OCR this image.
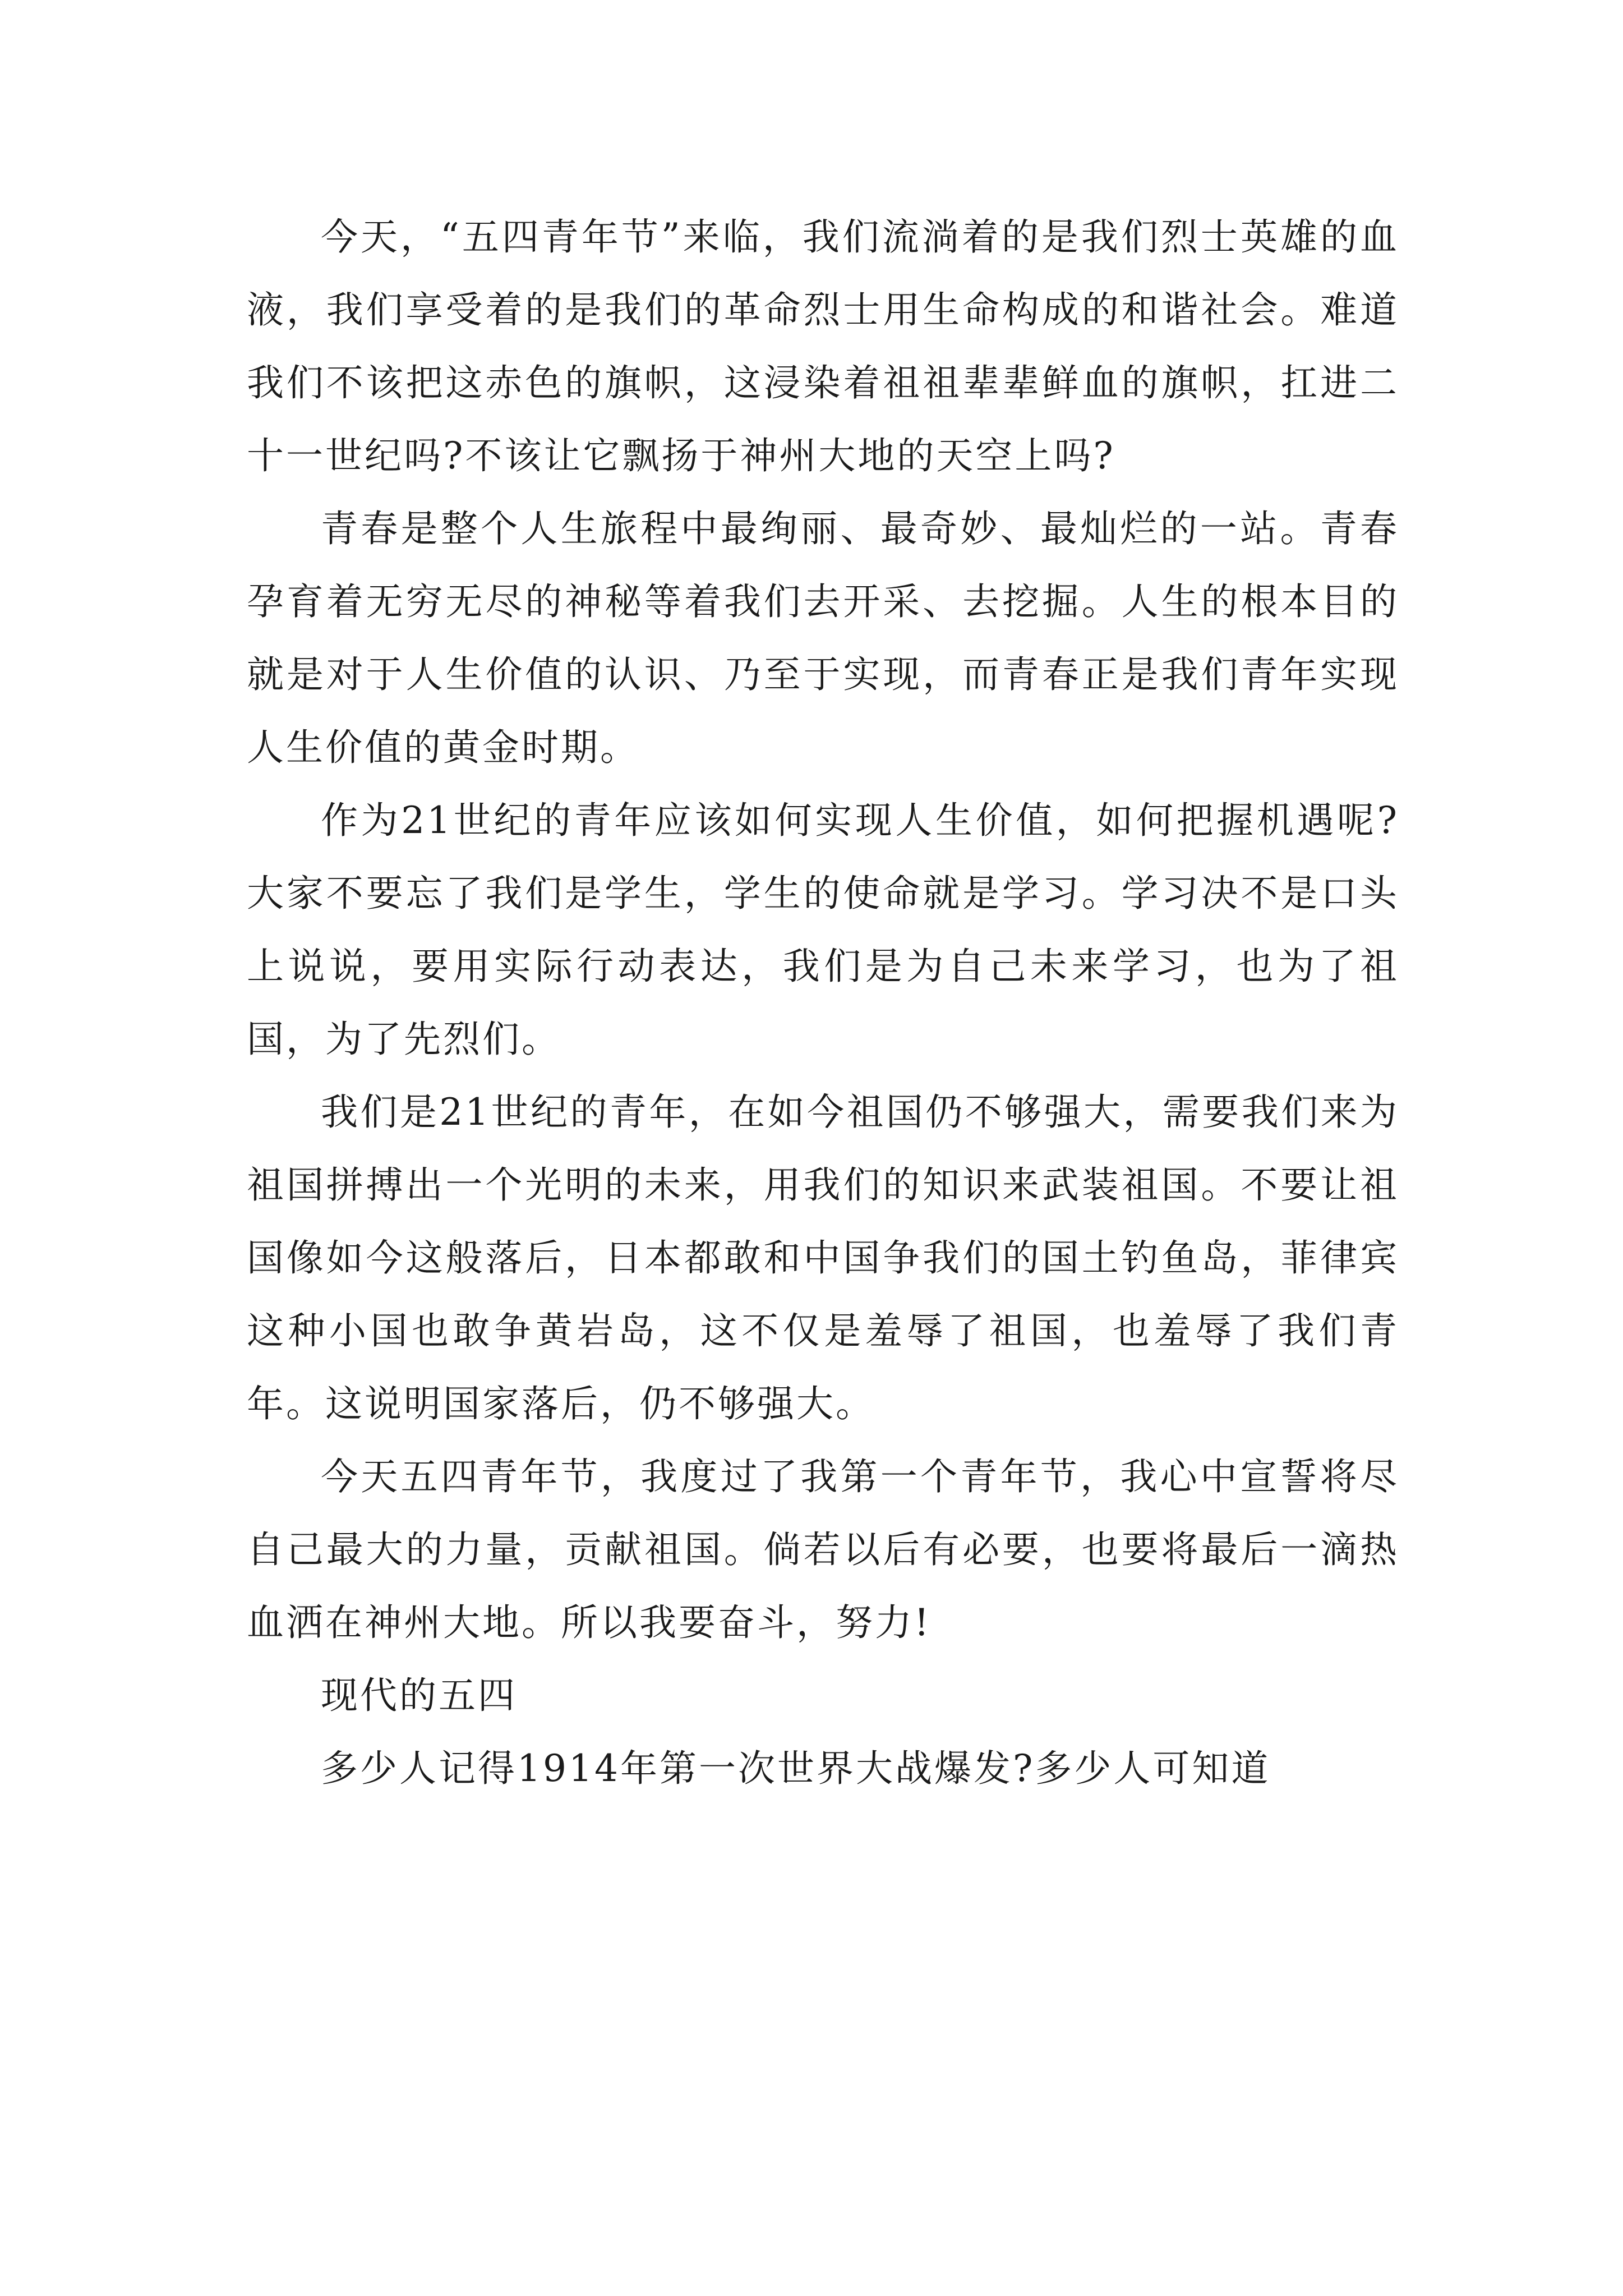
今天，“五四青年节”来临，我们流淌着的是我们烈士英雄的血液，我们享受着的是我们的革命烈士用生命构成的和谐社会。难道我们不该把这赤色的旗帜，这浸染着祖祖辈辈鲜血的旗帜，扛进二十一世纪吗?不该让它飘扬于神州大地的天空上吗?

青春是整个人生旅程中最绚丽、最奇妙、最灿烂的一站。青春孕育着无穷无尽的神秘等着我们去开采、去挖掘。人生的根本目的就是对于人生价值的认识、乃至于实现，而青春正是我们青年实现人生价值的黄金时期。

作为21世纪的青年应该如何实现人生价值，如何把握机遇呢?大家不要忘了我们是学生，学生的使命就是学习。学习决不是口头上说说，要用实际行动表达，我们是为自己未来学习，也为了祖国，为了先烈们。

我们是21世纪的青年，在如今祖国仍不够强大，需要我们来为祖国拼搏出一个光明的未来，用我们的知识来武装祖国。不要让祖国像如今这般落后，日本都敢和中国争我们的国土钓鱼岛，菲律宾这种小国也敢争黄岩岛，这不仅是羞辱了祖国，也羞辱了我们青年。这说明国家落后，仍不够强大。

今天五四青年节，我度过了我第一个青年节，我心中宣誓将尽自己最大的力量，贡献祖国。倘若以后有必要，也要将最后一滴热血洒在神州大地。所以我要奋斗，努力!

现代的五四

多少人记得1914年第一次世界大战爆发?多少人可知道
